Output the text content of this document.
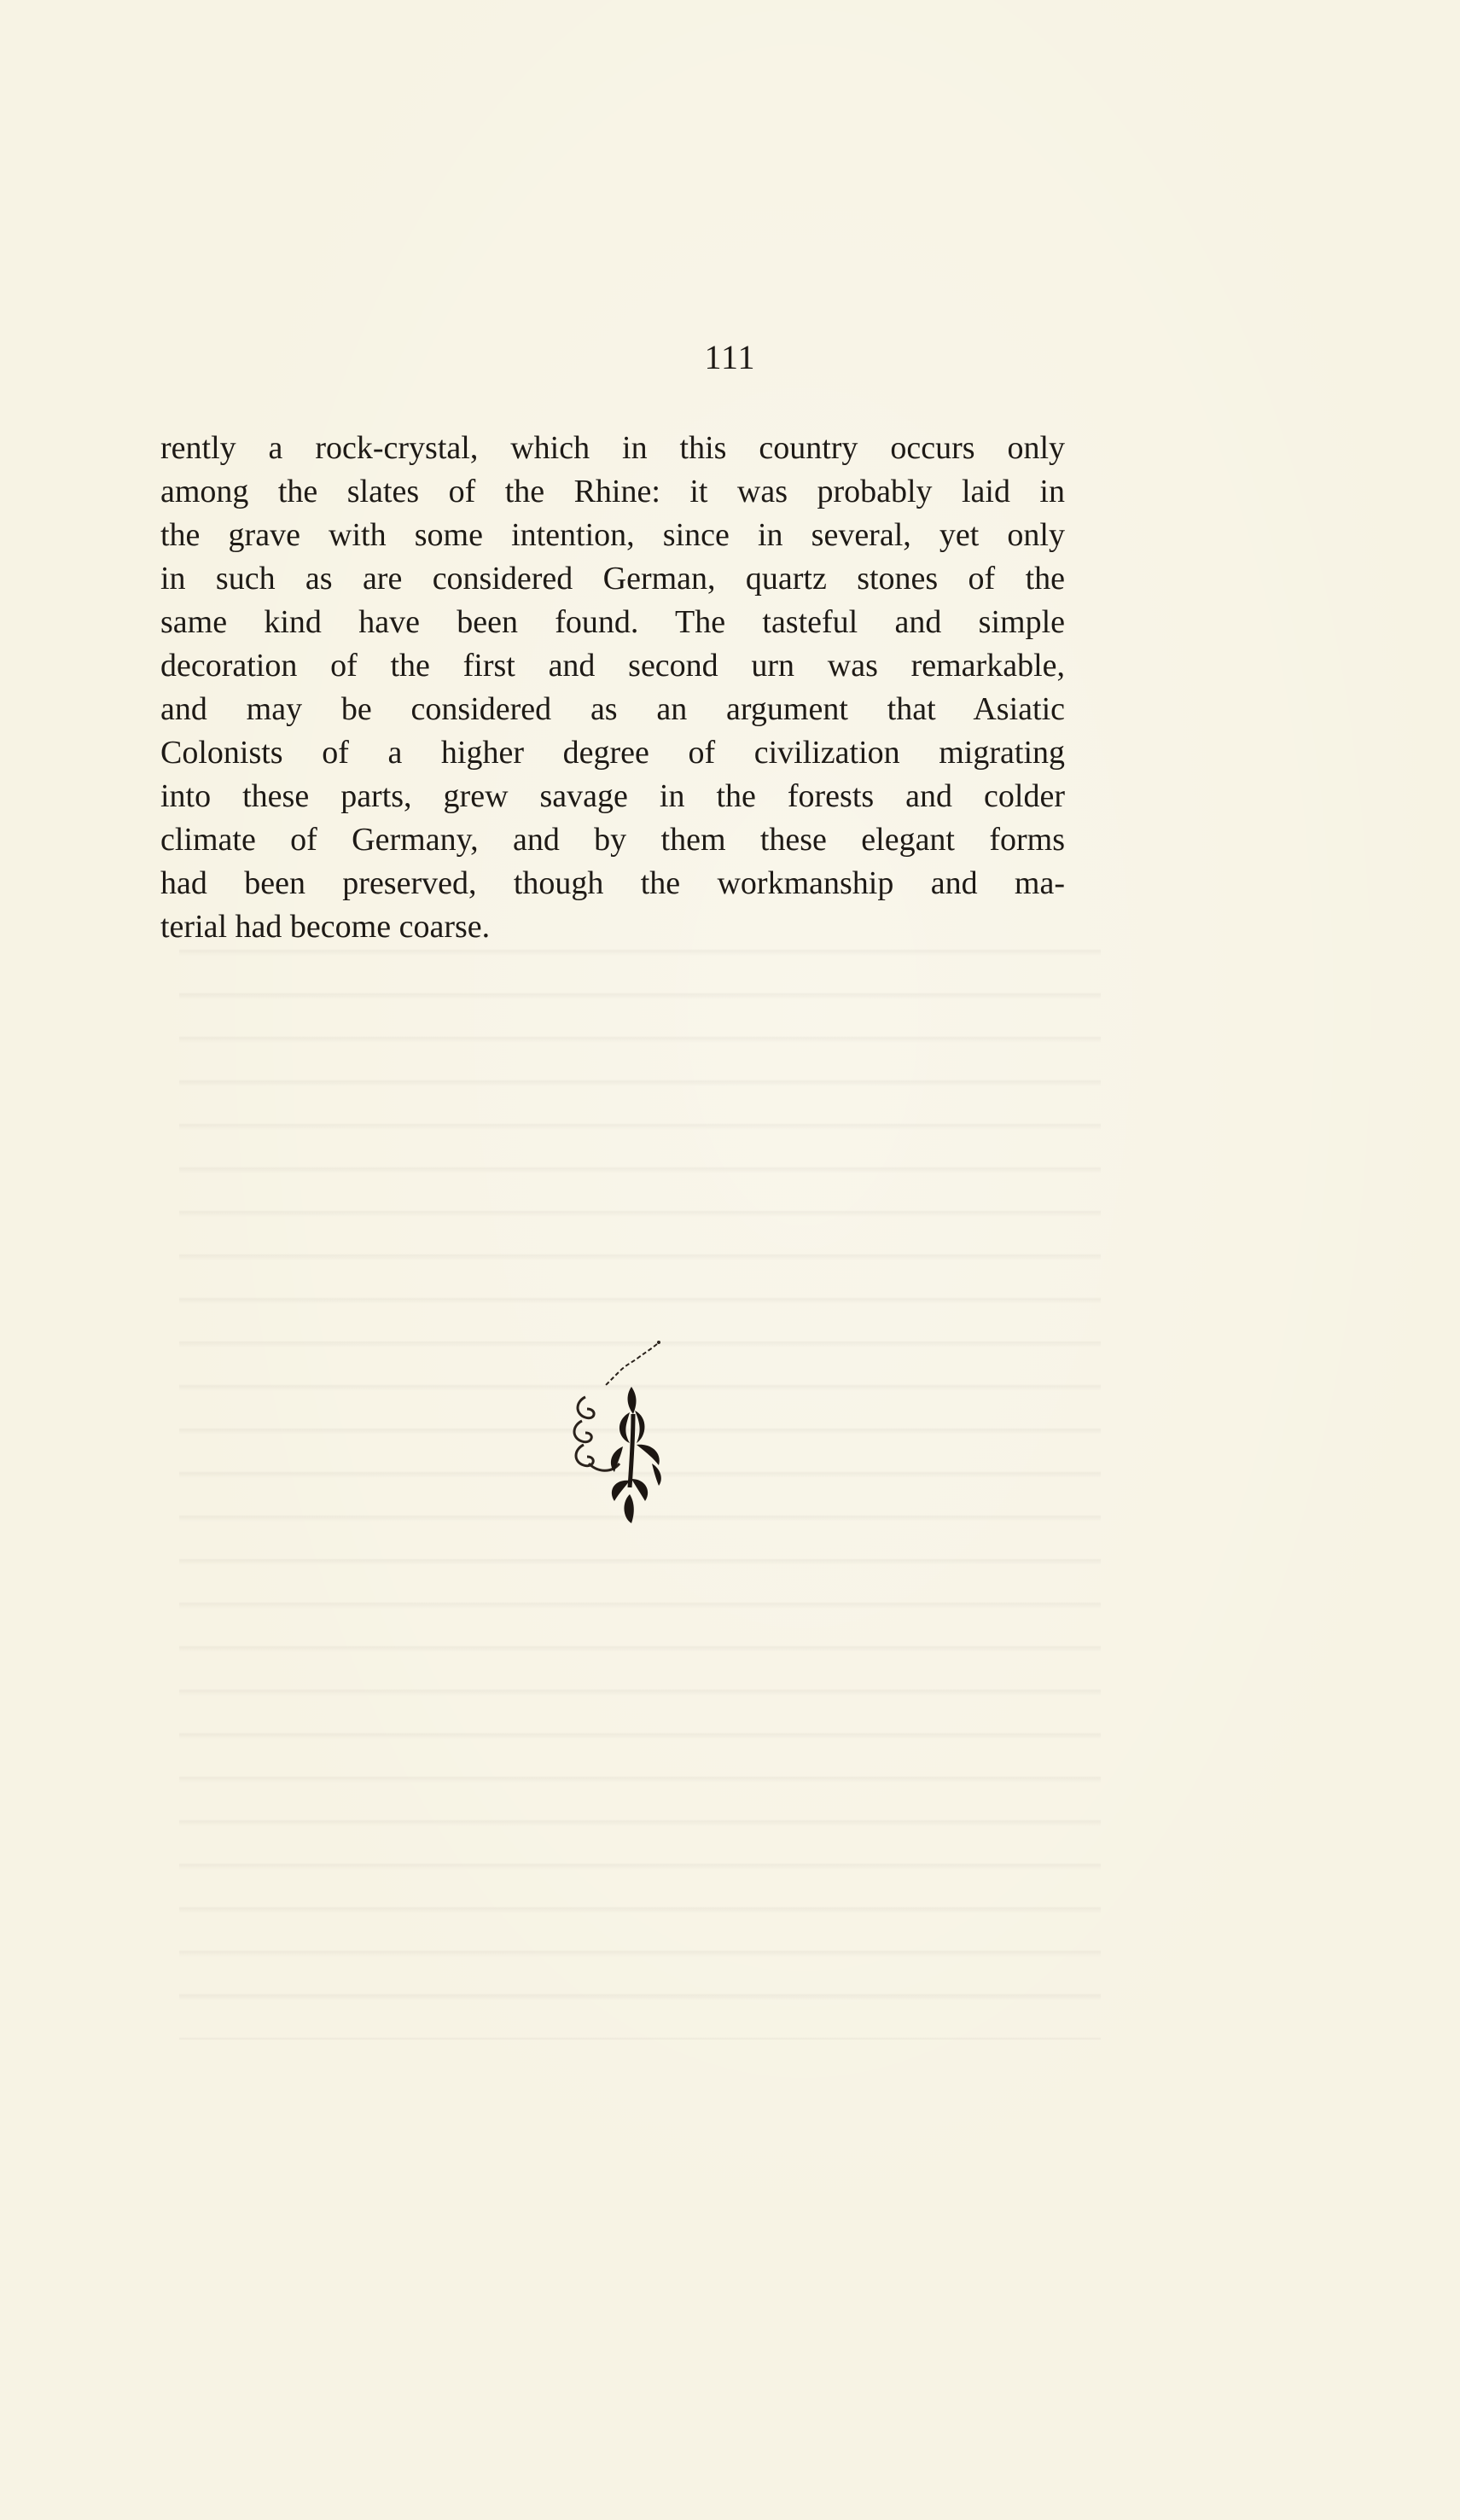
111
rently a rock-crystal, which in this country occurs only
among the slates of the Rhine: it was probably laid in
the grave with some intention, since in several, yet only
in such as are considered German, quartz stones of the
same kind have been found. The tasteful and simple
decoration of the first and second urn was remarkable,
and may be considered as an argument that Asiatic
Colonists of a higher degree of civilization migrating
into these parts, grew savage in the forests and colder
climate of Germany, and by them these elegant forms
had been preserved, though the workmanship and ma-
terial had become coarse.
